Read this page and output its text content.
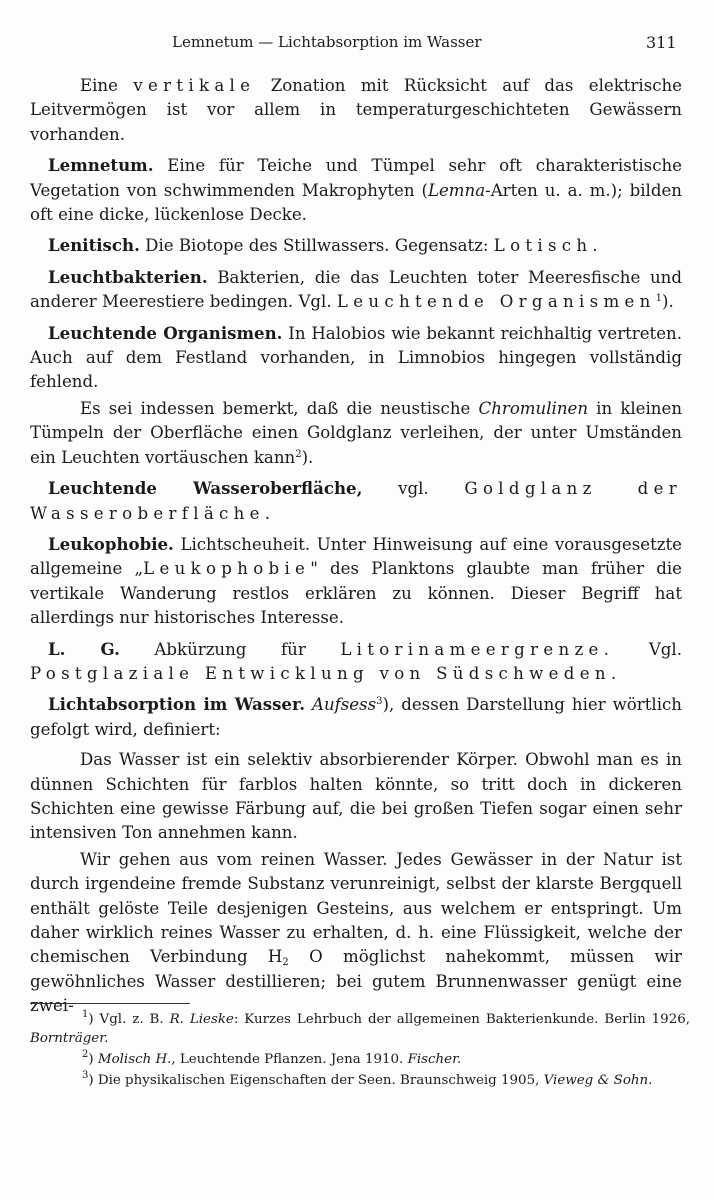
Lemnetum — Lichtabsorption im Wasser	311

Eine vertikale Zonation mit Rücksicht auf das elektrische Leitvermögen ist vor allem in temperaturgeschichteten Gewässern vorhanden.

Lemnetum. Eine für Teiche und Tümpel sehr oft charakteristische Vegetation von schwimmenden Makrophyten (Lemna-Arten u. a. m.); bilden oft eine dicke, lückenlose Decke.

Lenitisch. Die Biotope des Stillwassers. Gegensatz: Lotisch.

Leuchtbakterien. Bakterien, die das Leuchten toter Meeresfische und anderer Meerestiere bedingen. Vgl. Leuchtende Organismen$^1$).

Leuchtende Organismen. In Halobios wie bekannt reichhaltig vertreten. Auch auf dem Festland vorhanden, in Limnobios hingegen vollständig fehlend.

Es sei indessen bemerkt, daß die neustische Chromulinen in kleinen Tümpeln der Oberfläche einen Goldglanz verleihen, der unter Umständen ein Leuchten vortäuschen kann$^2$).

Leuchtende Wasseroberfläche, vgl. Goldglanz der Wasseroberfläche.

Leukophobie. Lichtscheuheit. Unter Hinweisung auf eine vorausgesetzte allgemeine „Leukophobie" des Planktons glaubte man früher die vertikale Wanderung restlos erklären zu können. Dieser Begriff hat allerdings nur historisches Interesse.

L. G. Abkürzung für Litorinameergrenze. Vgl. Postglaziale Entwicklung von Südschweden.

Lichtabsorption im Wasser. Aufsess$^3$), dessen Darstellung hier wörtlich gefolgt wird, definiert:

Das Wasser ist ein selektiv absorbierender Körper. Obwohl man es in dünnen Schichten für farblos halten könnte, so tritt doch in dickeren Schichten eine gewisse Färbung auf, die bei großen Tiefen sogar einen sehr intensiven Ton annehmen kann.

Wir gehen aus vom reinen Wasser. Jedes Gewässer in der Natur ist durch irgendeine fremde Substanz verunreinigt, selbst der klarste Bergquell enthält gelöste Teile desjenigen Gesteins, aus welchem er entspringt. Um daher wirklich reines Wasser zu erhalten, d. h. eine Flüssigkeit, welche der chemischen Verbindung $H_2$ O möglichst nahekommt, müssen wir gewöhnliches Wasser destillieren; bei gutem Brunnenwasser genügt eine zwei- $^1$) Vgl. z. B. R. Lieske: Kurzes Lehrbuch der allgemeinen Bakterienkunde. Berlin 1926, Bornträger.

$^2$) Molisch H., Leuchtende Pflanzen. Jena 1910. Fischer.

$^3$) Die physikalischen Eigenschaften der Seen. Braunschweig 1905, Vieweg & Sohn.
